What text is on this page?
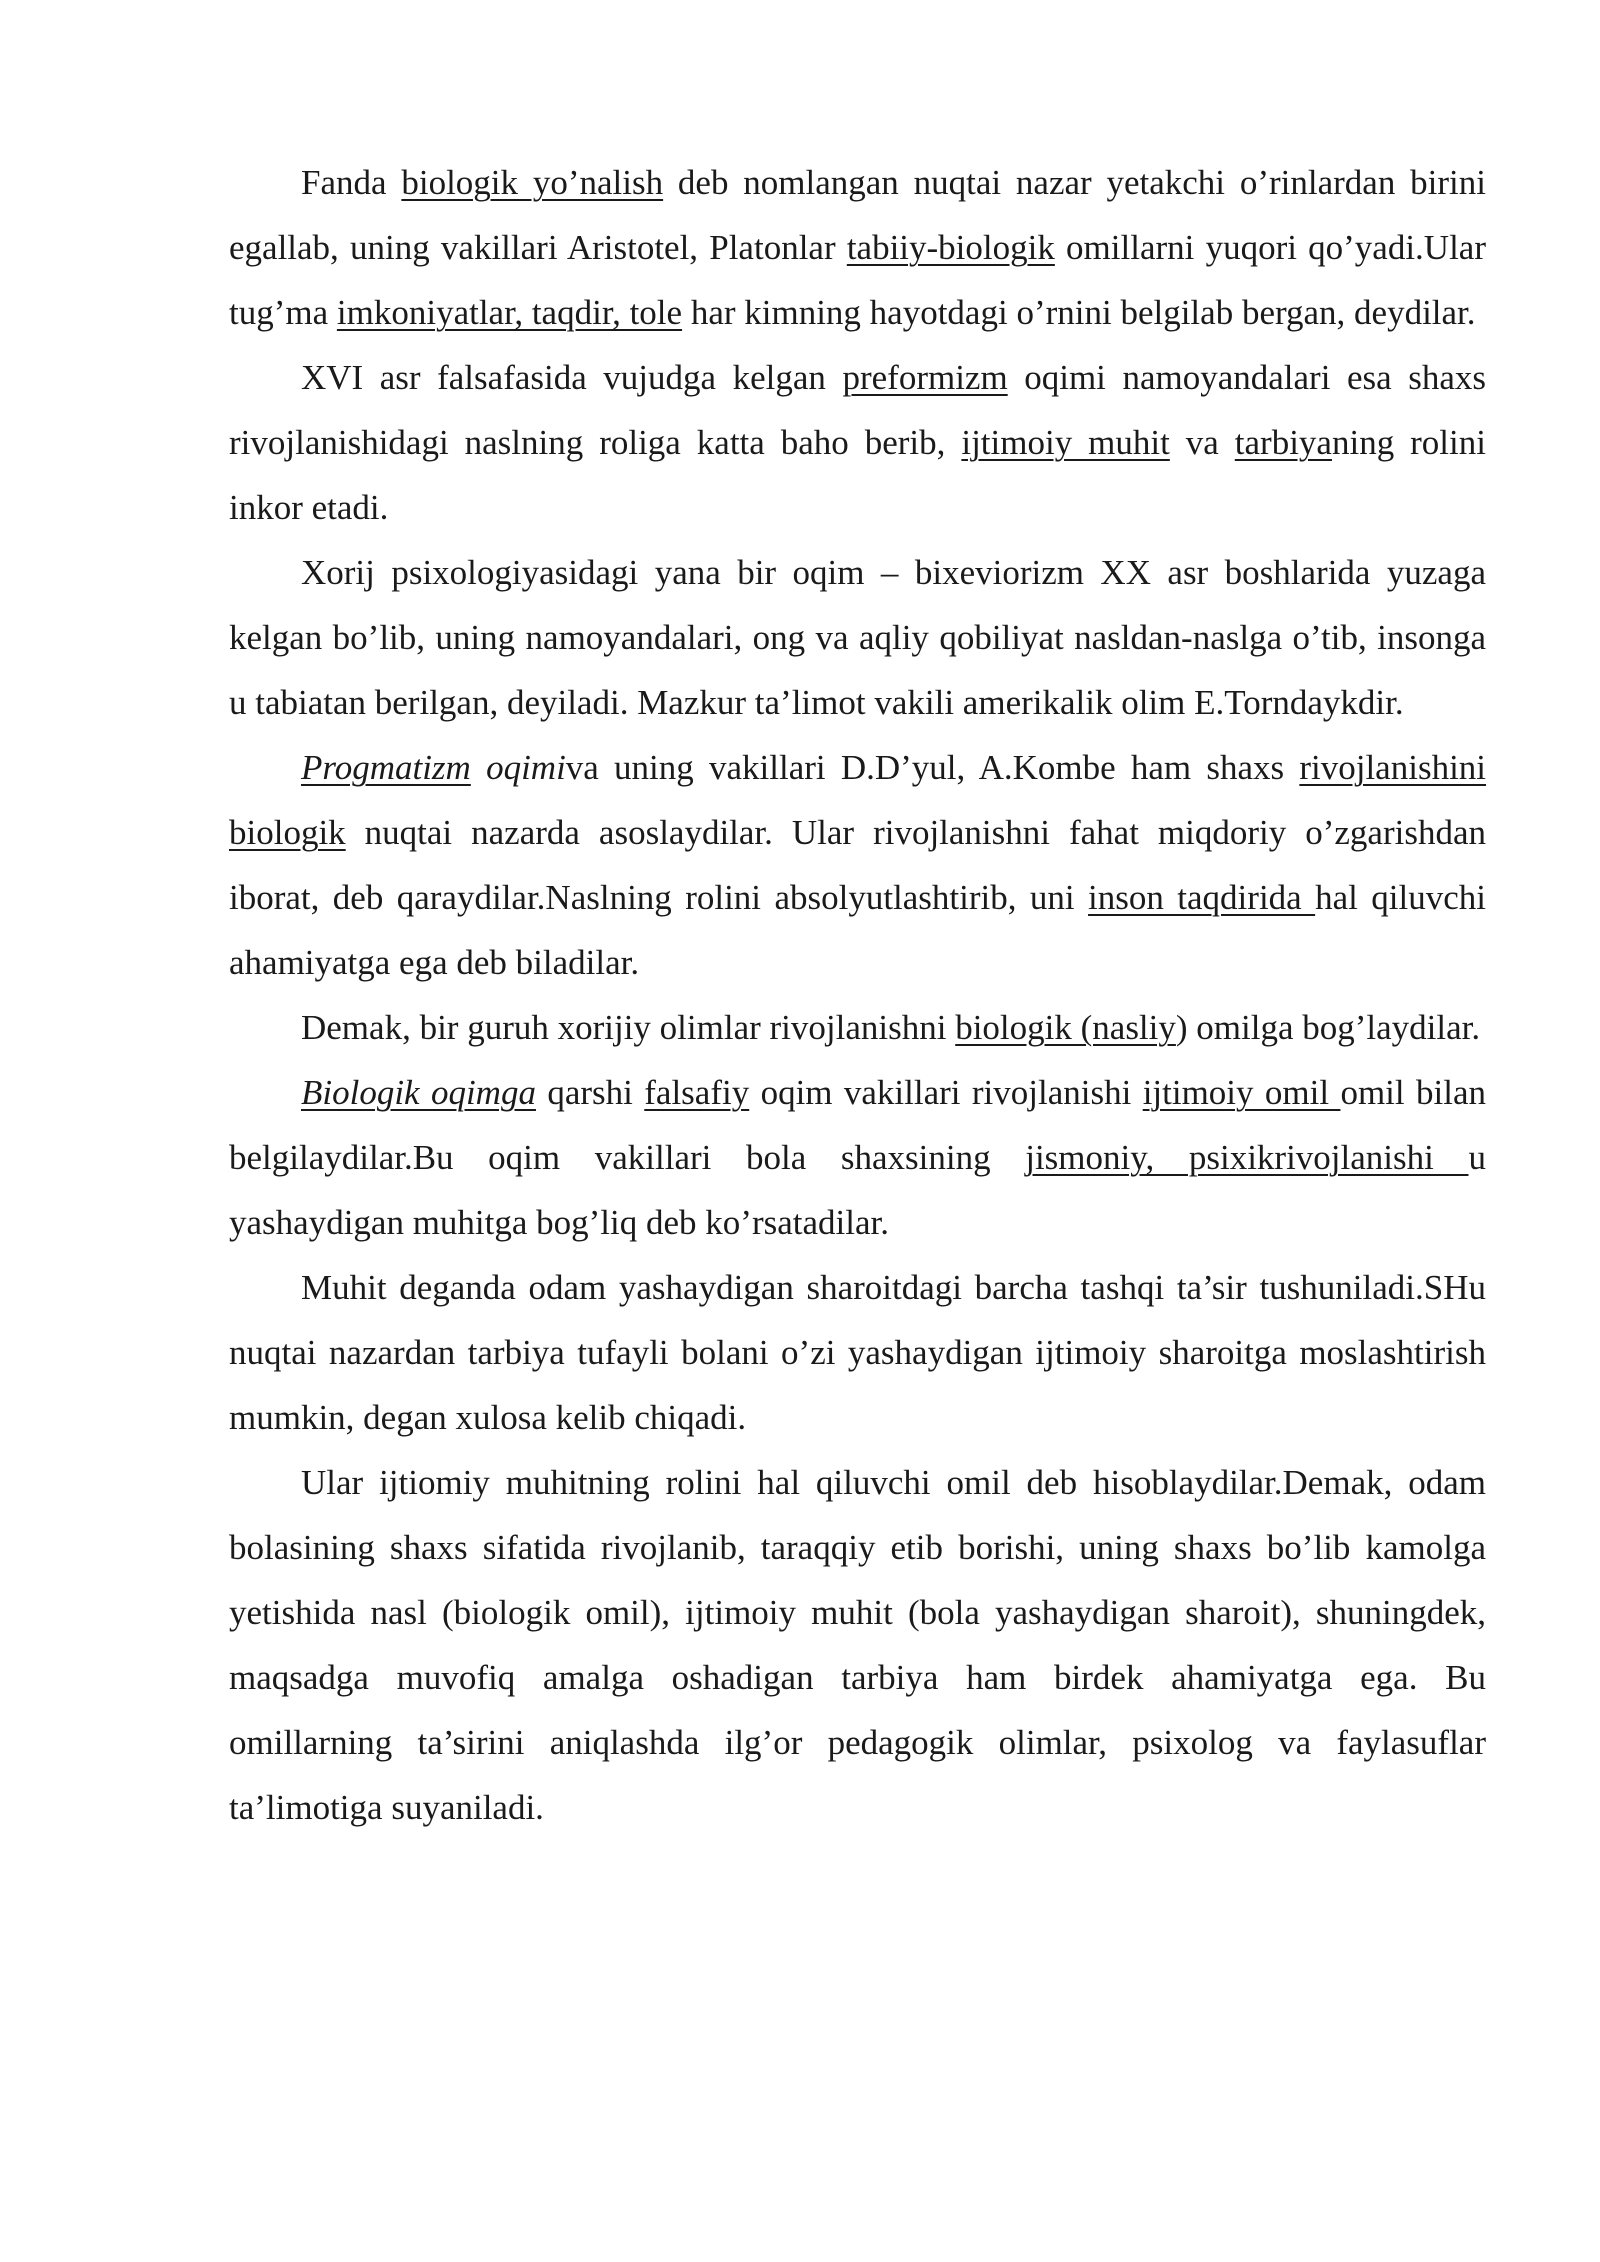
Fanda biologik yo’nalish deb nomlangan nuqtai nazar yetakchi o’rinlardan birini egallab, uning vakillari Aristotel, Platonlar tabiiy-biologik omillarni yuqori qo’yadi.Ular tug’ma imkoniyatlar, taqdir, tole har kimning hayotdagi o’rnini belgilab bergan, deydilar.

XVI asr falsafasida vujudga kelgan preformizm oqimi namoyandalari esa shaxs rivojlanishidagi naslning roliga katta baho berib, ijtimoiy muhit va tarbiyaning rolini inkor etadi.

Xorij psixologiyasidagi yana bir oqim – bixeviorizm XX asr boshlarida yuzaga kelgan bo’lib, uning namoyandalari, ong va aqliy qobiliyat nasldan-naslga o’tib, insonga u tabiatan berilgan, deyiladi. Mazkur ta’limot vakili amerikalik olim E.Torndaykdir.

Progmatizm oqimiva uning vakillari D.D’yul, A.Kombe ham shaxs rivojlanishini biologik nuqtai nazarda asoslaydilar. Ular rivojlanishni fahat miqdoriy o’zgarishdan iborat, deb qaraydilar.Naslning rolini absolyutlashtirib, uni inson taqdirida hal qiluvchi ahamiyatga ega deb biladilar.

Demak, bir guruh xorijiy olimlar rivojlanishni biologik (nasliy) omilga bog’laydilar.

Biologik oqimga qarshi falsafiy oqim vakillari rivojlanishi ijtimoiy omil omil bilan belgilaydilar.Bu oqim vakillari bola shaxsining jismoniy, psixikrivojlanishi u yashaydigan muhitga bog’liq deb ko’rsatadilar.

Muhit deganda odam yashaydigan sharoitdagi barcha tashqi ta’sir tushuniladi.SHu nuqtai nazardan tarbiya tufayli bolani o’zi yashaydigan ijtimoiy sharoitga moslashtirish mumkin, degan xulosa kelib chiqadi.

Ular ijtiomiy muhitning rolini hal qiluvchi omil deb hisoblaydilar.Demak, odam bolasining shaxs sifatida rivojlanib, taraqqiy etib borishi, uning shaxs bo’lib kamolga yetishida nasl (biologik omil), ijtimoiy muhit (bola yashaydigan sharoit), shuningdek, maqsadga muvofiq amalga oshadigan tarbiya ham birdek ahamiyatga ega. Bu omillarning ta’sirini aniqlashda ilg’or pedagogik olimlar, psixolog va faylasuflar ta’limotiga suyaniladi.
